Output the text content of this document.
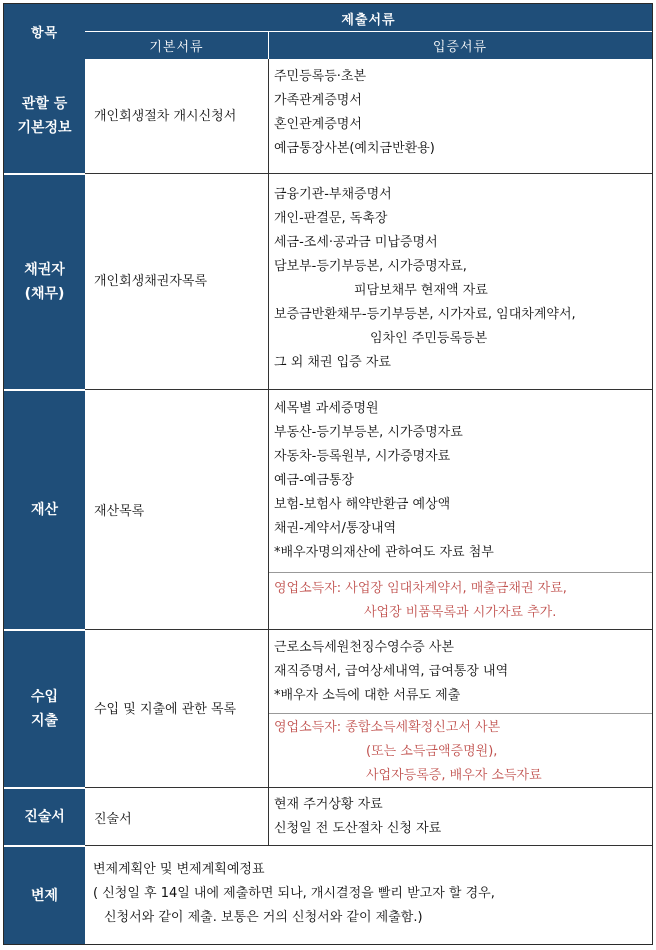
항목
제출서류
기본서류	입증서류
관할 등
기본정보
채권자
(채무)
재산
수입
지출
진술서
변제
개인회생절차 개시신청서
주민등록등·초본
가족관계증명서
혼인관계증명서
예금통장사본(예치금반환용)
개인회생채권자목록
금융기관-부채증명서
개인-판결문, 독촉장
세금-조세·공과금 미납증명서
담보부-등기부등본, 시가증명자료,
피담보채무 현재액 자료
보증금반환채무-등기부등본, 시가자료, 임대차계약서,
임차인 주민등록등본
그 외 채권 입증 자료
재산목록
세목별 과세증명원
부동산-등기부등본, 시가증명자료
자동차-등록원부, 시가증명자료
예금-예금통장
보험-보험사 해약반환금 예상액
채권-계약서/통장내역
*배우자명의재산에 관하여도 자료 첨부
영업소득자: 사업장 임대차계약서, 매출금채권 자료,
사업장 비품목록과 시가자료 추가.
수입 및 지출에 관한 목록
근로소득세원천징수영수증 사본
재직증명서, 급여상세내역, 급여통장 내역
*배우자 소득에 대한 서류도 제출
영업소득자: 종합소득세확정신고서 사본
(또는 소득금액증명원),
사업자등록증, 배우자 소득자료
진술서
현재 주거상황 자료
신청일 전 도산절차 신청 자료
변제계획안 및 변제계획예정표
( 신청일 후 14일 내에 제출하면 되나, 개시결정을 빨리 받고자 할 경우,
신청서와 같이 제출. 보통은 거의 신청서와 같이 제출함.)
